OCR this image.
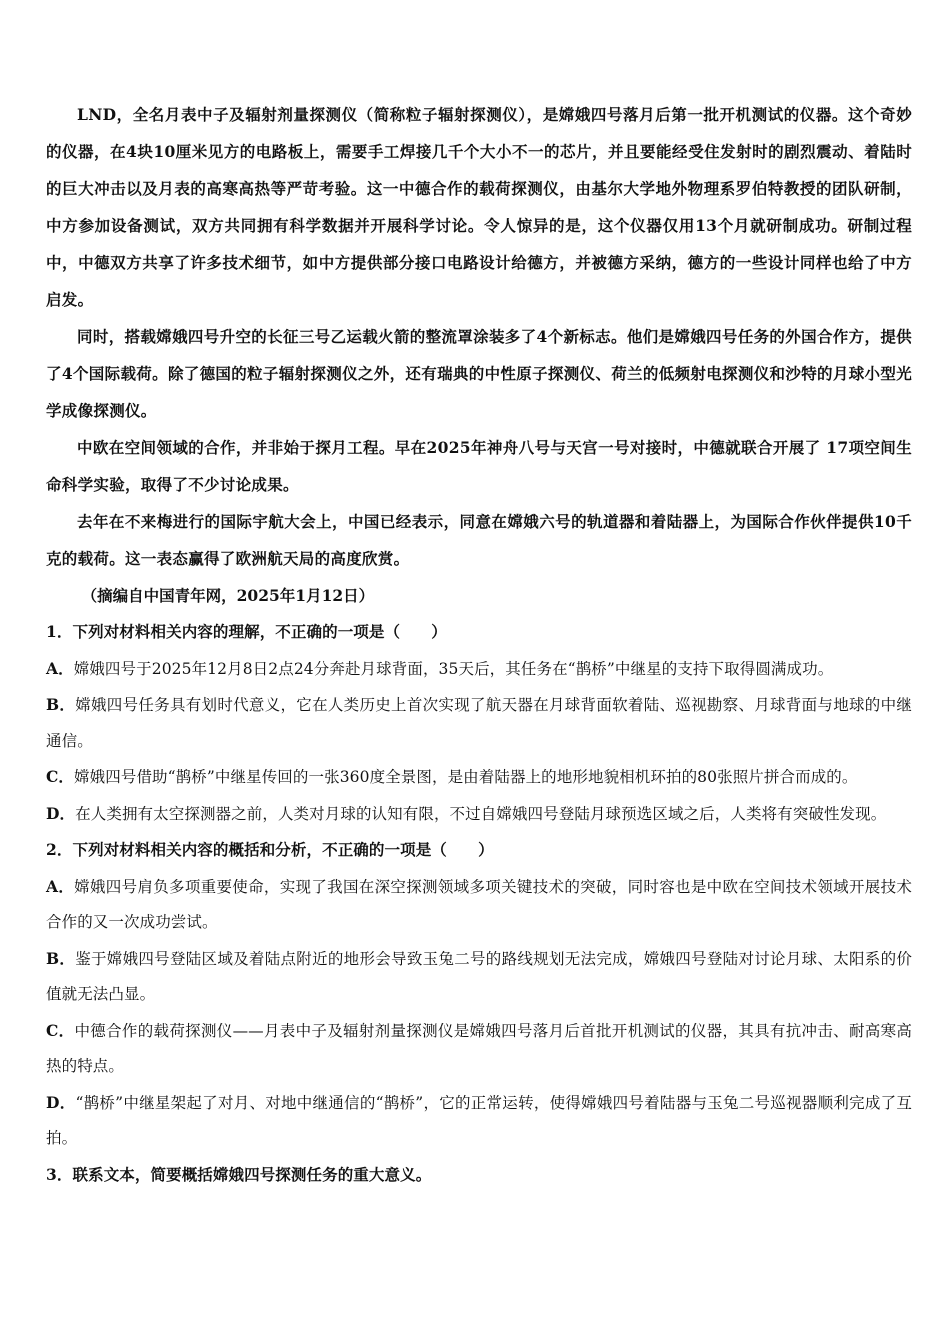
LND，全名月表中子及辐射剂量探测仪（简称粒子辐射探测仪），是嫦娥四号落月后第一批开机测试的仪器。这个奇妙的仪器，在4块10厘米见方的电路板上，需要手工焊接几千个大小不一的芯片，并且要能经受住发射时的剧烈震动、着陆时的巨大冲击以及月表的高寒高热等严苛考验。这一中德合作的载荷探测仪，由基尔大学地外物理系罗伯特教授的团队研制，中方参加设备测试，双方共同拥有科学数据并开展科学讨论。令人惊异的是，这个仪器仅用13个月就研制成功。研制过程中，中德双方共享了许多技术细节，如中方提供部分接口电路设计给德方，并被德方采纳，德方的一些设计同样也给了中方启发。

同时，搭载嫦娥四号升空的长征三号乙运载火箭的整流罩涂装多了4个新标志。他们是嫦娥四号任务的外国合作方，提供了4个国际载荷。除了德国的粒子辐射探测仪之外，还有瑞典的中性原子探测仪、荷兰的低频射电探测仪和沙特的月球小型光学成像探测仪。

中欧在空间领域的合作，并非始于探月工程。早在2025年神舟八号与天宫一号对接时，中德就联合开展了 17项空间生命科学实验，取得了不少讨论成果。

去年在不来梅进行的国际宇航大会上，中国已经表示，同意在嫦娥六号的轨道器和着陆器上，为国际合作伙伴提供10千克的载荷。这一表态赢得了欧洲航天局的高度欣赏。

（摘编自中国青年网，2025年1月12日）

1．下列对材料相关内容的理解，不正确的一项是（　　）

A．嫦娥四号于2025年12月8日2点24分奔赴月球背面，35天后，其任务在“鹊桥”中继星的支持下取得圆满成功。

B．嫦娥四号任务具有划时代意义，它在人类历史上首次实现了航天器在月球背面软着陆、巡视勘察、月球背面与地球的中继通信。

C．嫦娥四号借助“鹊桥”中继星传回的一张360度全景图，是由着陆器上的地形地貌相机环拍的80张照片拼合而成的。

D．在人类拥有太空探测器之前，人类对月球的认知有限，不过自嫦娥四号登陆月球预选区域之后，人类将有突破性发现。

2．下列对材料相关内容的概括和分析，不正确的一项是（　　）

A．嫦娥四号肩负多项重要使命，实现了我国在深空探测领域多项关键技术的突破，同时容也是中欧在空间技术领域开展技术合作的又一次成功尝试。

B．鉴于嫦娥四号登陆区域及着陆点附近的地形会导致玉兔二号的路线规划无法完成，嫦娥四号登陆对讨论月球、太阳系的价值就无法凸显。

C．中德合作的载荷探测仪——月表中子及辐射剂量探测仪是嫦娥四号落月后首批开机测试的仪器，其具有抗冲击、耐高寒高热的特点。

D．“鹊桥”中继星架起了对月、对地中继通信的“鹊桥”，它的正常运转，使得嫦娥四号着陆器与玉兔二号巡视器顺利完成了互拍。

3．联系文本，简要概括嫦娥四号探测任务的重大意义。
